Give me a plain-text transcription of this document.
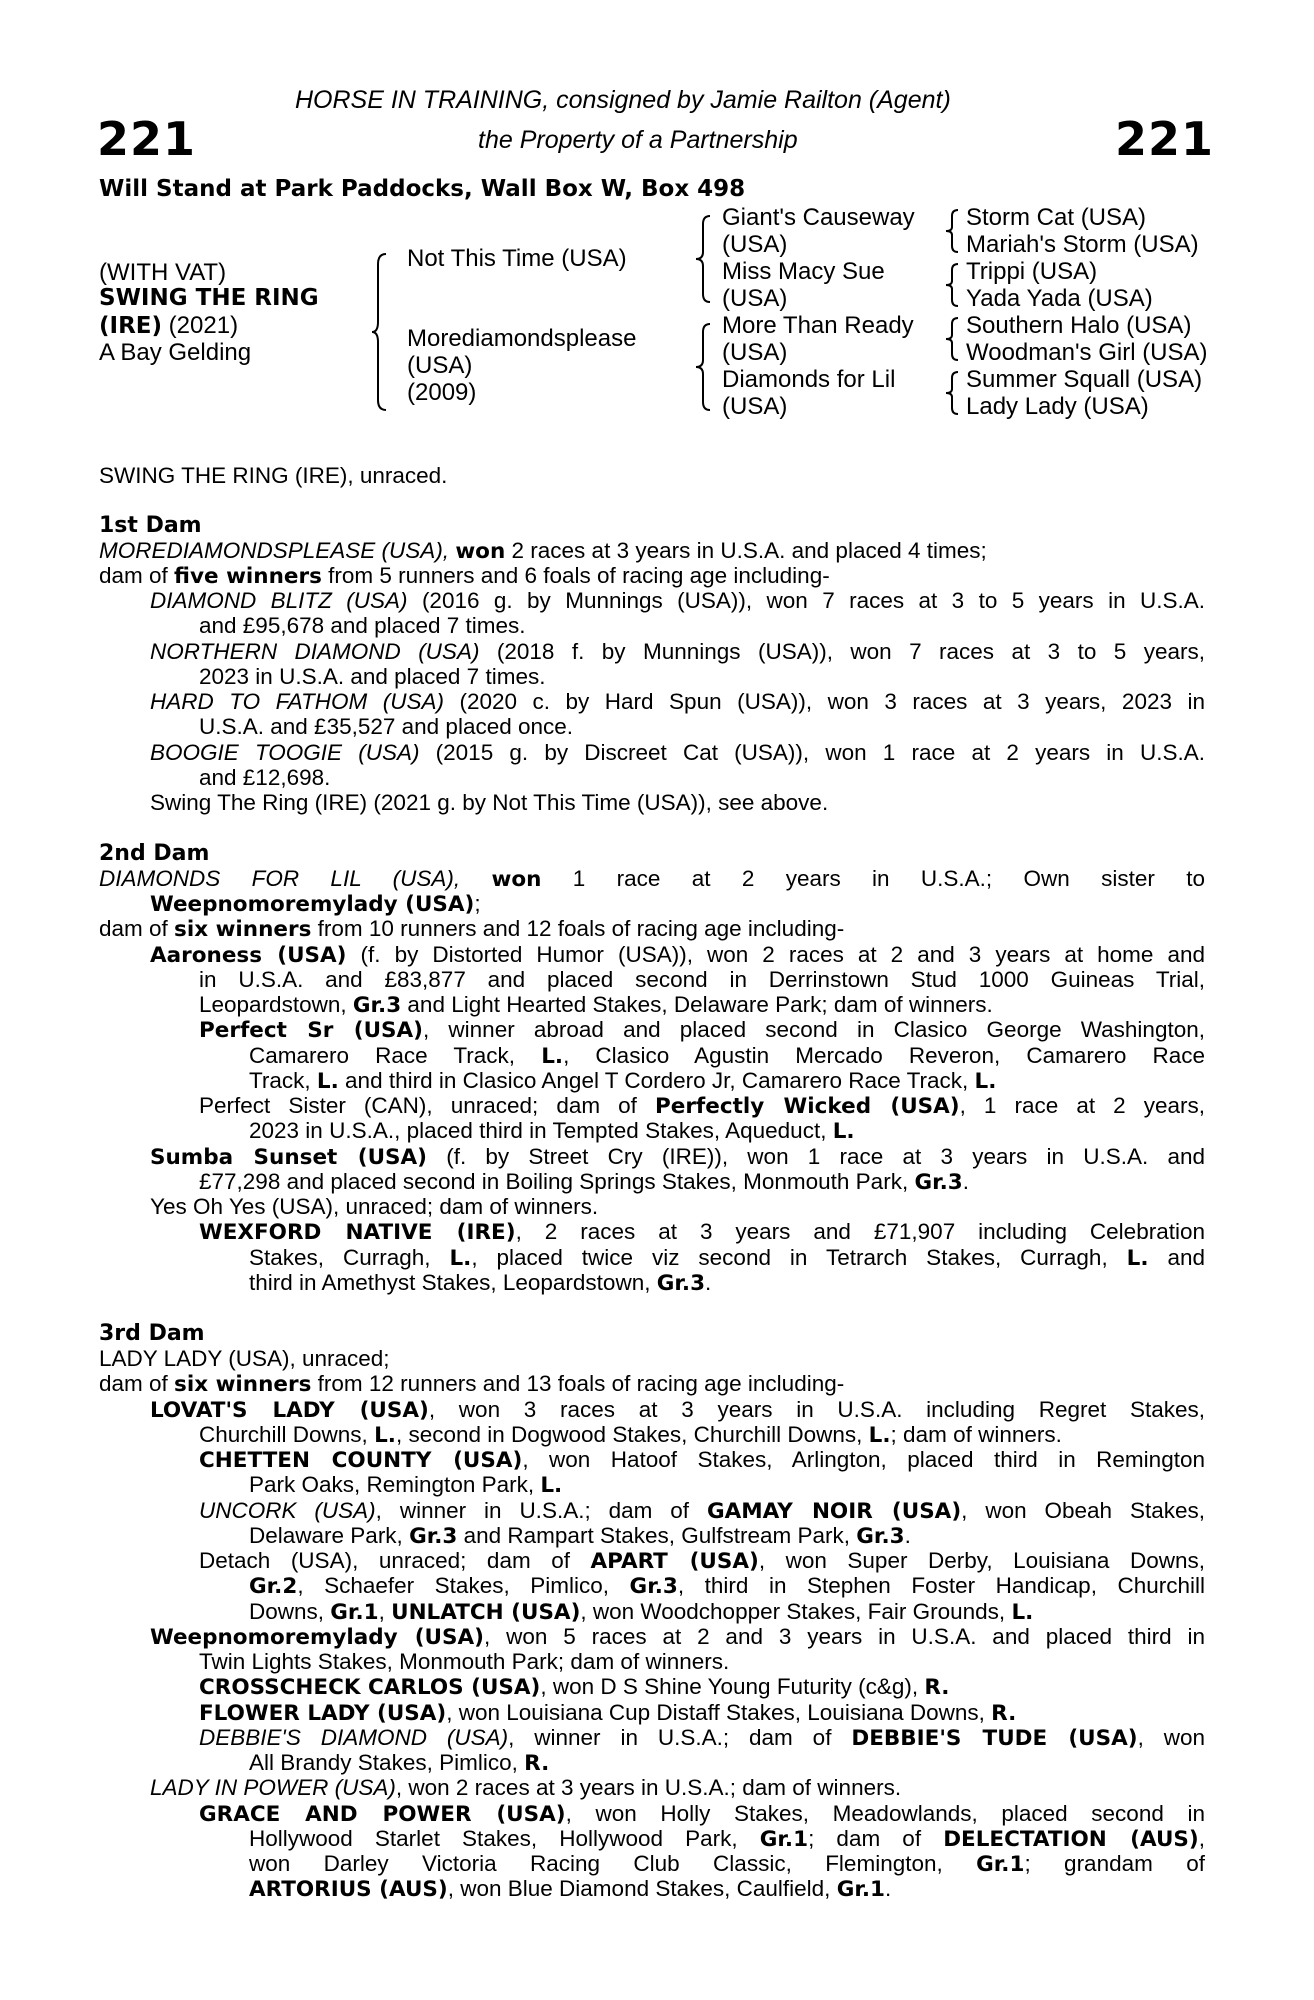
HORSE IN TRAINING, consigned by Jamie Railton (Agent)
the Property of a Partnership
221	221
Will Stand at Park Paddocks, Wall Box W, Box 498
(WITH VAT)
SWING THE RING
(IRE) (2021)
A Bay Gelding
Not This Time (USA)
Morediamondsplease
(USA)
(2009)
Giant's Causeway
(USA)
Miss Macy Sue
(USA)
More Than Ready
(USA)
Diamonds for Lil
(USA)
Storm Cat (USA)
Mariah's Storm (USA)
Trippi (USA)
Yada Yada (USA)
Southern Halo (USA)
Woodman's Girl (USA)
Summer Squall (USA)
Lady Lady (USA)
SWING THE RING (IRE), unraced.
1st Dam
MOREDIAMONDSPLEASE (USA), won 2 races at 3 years in U.S.A. and placed 4 times;
dam of five winners from 5 runners and 6 foals of racing age including-
DIAMOND BLITZ (USA) (2016 g. by Munnings (USA)), won 7 races at 3 to 5 years in U.S.A.
and £95,678 and placed 7 times.
NORTHERN DIAMOND (USA) (2018 f. by Munnings (USA)), won 7 races at 3 to 5 years,
2023 in U.S.A. and placed 7 times.
HARD TO FATHOM (USA) (2020 c. by Hard Spun (USA)), won 3 races at 3 years, 2023 in
U.S.A. and £35,527 and placed once.
BOOGIE TOOGIE (USA) (2015 g. by Discreet Cat (USA)), won 1 race at 2 years in U.S.A.
and £12,698.
Swing The Ring (IRE) (2021 g. by Not This Time (USA)), see above.
2nd Dam
DIAMONDS FOR LIL (USA), won 1 race at 2 years in U.S.A.; Own sister to
Weepnomoremylady (USA);
dam of six winners from 10 runners and 12 foals of racing age including-
Aaroness (USA) (f. by Distorted Humor (USA)), won 2 races at 2 and 3 years at home and
in U.S.A. and £83,877 and placed second in Derrinstown Stud 1000 Guineas Trial,
Leopardstown, Gr.3 and Light Hearted Stakes, Delaware Park; dam of winners.
Perfect Sr (USA), winner abroad and placed second in Clasico George Washington,
Camarero Race Track, L., Clasico Agustin Mercado Reveron, Camarero Race
Track, L. and third in Clasico Angel T Cordero Jr, Camarero Race Track, L.
Perfect Sister (CAN), unraced; dam of Perfectly Wicked (USA), 1 race at 2 years,
2023 in U.S.A., placed third in Tempted Stakes, Aqueduct, L.
Sumba Sunset (USA) (f. by Street Cry (IRE)), won 1 race at 3 years in U.S.A. and
£77,298 and placed second in Boiling Springs Stakes, Monmouth Park, Gr.3.
Yes Oh Yes (USA), unraced; dam of winners.
WEXFORD NATIVE (IRE), 2 races at 3 years and £71,907 including Celebration
Stakes, Curragh, L., placed twice viz second in Tetrarch Stakes, Curragh, L. and
third in Amethyst Stakes, Leopardstown, Gr.3.
3rd Dam
LADY LADY (USA), unraced;
dam of six winners from 12 runners and 13 foals of racing age including-
LOVAT'S LADY (USA), won 3 races at 3 years in U.S.A. including Regret Stakes,
Churchill Downs, L., second in Dogwood Stakes, Churchill Downs, L.; dam of winners.
CHETTEN COUNTY (USA), won Hatoof Stakes, Arlington, placed third in Remington
Park Oaks, Remington Park, L.
UNCORK (USA), winner in U.S.A.; dam of GAMAY NOIR (USA), won Obeah Stakes,
Delaware Park, Gr.3 and Rampart Stakes, Gulfstream Park, Gr.3.
Detach (USA), unraced; dam of APART (USA), won Super Derby, Louisiana Downs,
Gr.2, Schaefer Stakes, Pimlico, Gr.3, third in Stephen Foster Handicap, Churchill
Downs, Gr.1, UNLATCH (USA), won Woodchopper Stakes, Fair Grounds, L.
Weepnomoremylady (USA), won 5 races at 2 and 3 years in U.S.A. and placed third in
Twin Lights Stakes, Monmouth Park; dam of winners.
CROSSCHECK CARLOS (USA), won D S Shine Young Futurity (c&g), R.
FLOWER LADY (USA), won Louisiana Cup Distaff Stakes, Louisiana Downs, R.
DEBBIE'S DIAMOND (USA), winner in U.S.A.; dam of DEBBIE'S TUDE (USA), won
All Brandy Stakes, Pimlico, R.
LADY IN POWER (USA), won 2 races at 3 years in U.S.A.; dam of winners.
GRACE AND POWER (USA), won Holly Stakes, Meadowlands, placed second in
Hollywood Starlet Stakes, Hollywood Park, Gr.1; dam of DELECTATION (AUS),
won Darley Victoria Racing Club Classic, Flemington, Gr.1; grandam of
ARTORIUS (AUS), won Blue Diamond Stakes, Caulfield, Gr.1.
